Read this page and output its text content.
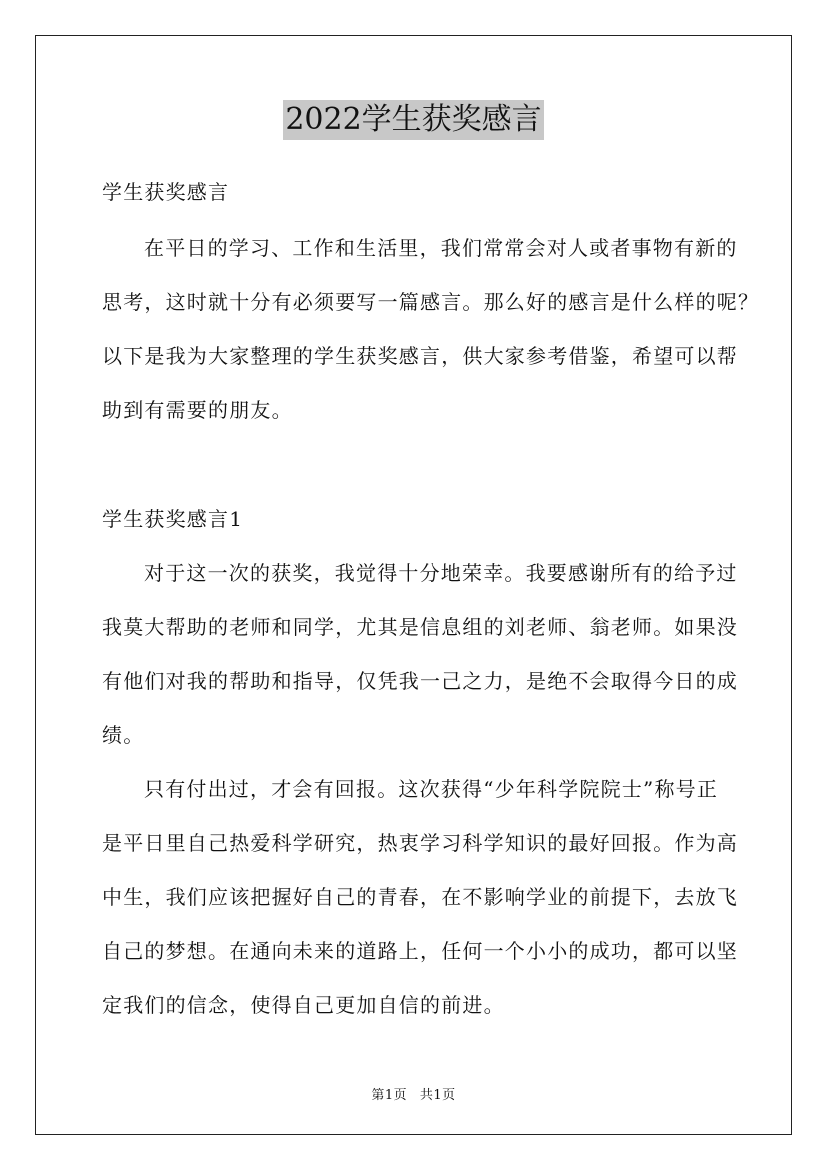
2022学生获奖感言
学生获奖感言
在平日的学习、工作和生活里，我们常常会对人或者事物有新的
思考，这时就十分有必须要写一篇感言。那么好的感言是什么样的呢？
以下是我为大家整理的学生获奖感言，供大家参考借鉴，希望可以帮
助到有需要的朋友。
学生获奖感言1
对于这一次的获奖，我觉得十分地荣幸。我要感谢所有的给予过
我莫大帮助的老师和同学，尤其是信息组的刘老师、翁老师。如果没
有他们对我的帮助和指导，仅凭我一己之力，是绝不会取得今日的成
绩。
只有付出过，才会有回报。这次获得“少年科学院院士”称号正
是平日里自己热爱科学研究，热衷学习科学知识的最好回报。作为高
中生，我们应该把握好自己的青春，在不影响学业的前提下，去放飞
自己的梦想。在通向未来的道路上，任何一个小小的成功，都可以坚
定我们的信念，使得自己更加自信的前进。
第1页 共1页
